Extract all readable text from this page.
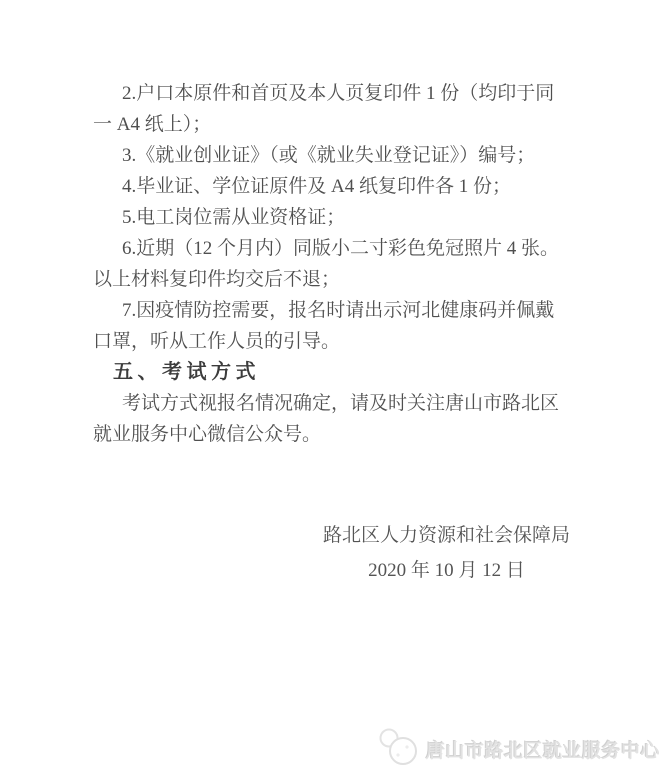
2.户口本原件和首页及本人页复印件 1 份（均印于同一 A4 纸上）；

3.《就业创业证》（或《就业失业登记证》）编号；

4.毕业证、学位证原件及 A4 纸复印件各 1 份；

5.电工岗位需从业资格证；

6.近期（12 个月内）同版小二寸彩色免冠照片 4 张。以上材料复印件均交后不退；

7.因疫情防控需要，报名时请出示河北健康码并佩戴口罩，听从工作人员的引导。

五、考试方式

考试方式视报名情况确定，请及时关注唐山市路北区就业服务中心微信公众号。

路北区人力资源和社会保障局
2020 年 10 月 12 日
唐山市路北区就业服务中心
